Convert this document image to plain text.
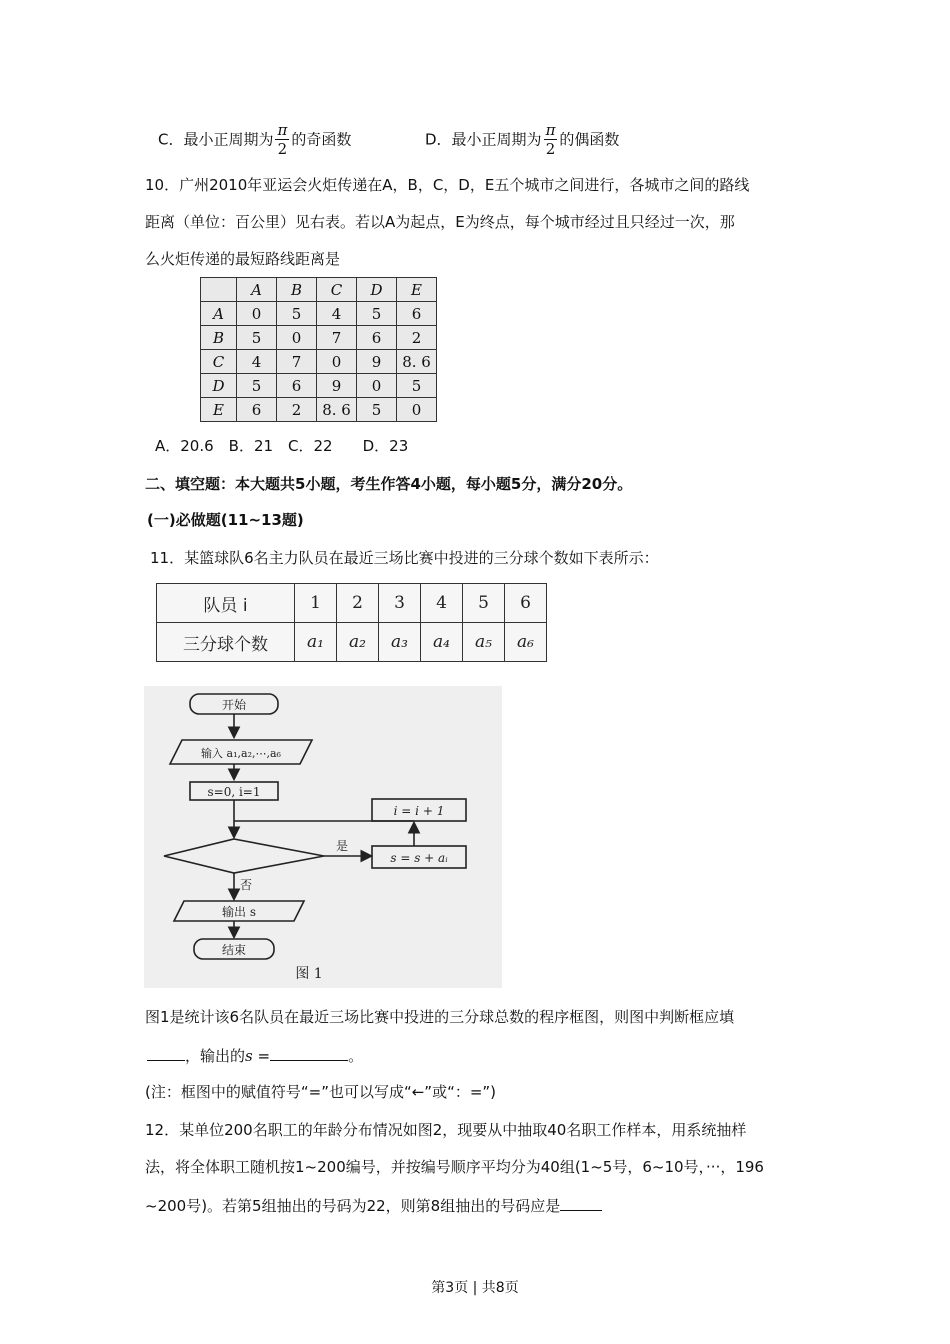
C．最小正周期为 $\frac{\pi}{2}$ 的奇函数	D．最小正周期为 $\frac{\pi}{2}$ 的偶函数
10．广州2010年亚运会火炬传递在A，B，C，D，E五个城市之间进行，各城市之间的路线
距离（单位：百公里）见右表。若以A为起点，E为终点，每个城市经过且只经过一次，那
么火炬传递的最短路线距离是
	A	B	C	D	E
A	0	5	4	5	6
B	5	0	7	6	2
C	4	7	0	9	8. 6
D	5	6	9	0	5
E	6	2	8. 6	5	0
A．20.6　B．21　C．22　　D．23
二、填空题：本大题共5小题，考生作答4小题，每小题5分，满分20分。
(一)必做题(11~13题)
11．某篮球队6名主力队员在最近三场比赛中投进的三分球个数如下表所示：
队员 i	1	2	3	4	5	6
三分球个数	a₁	a₂	a₃	a₄	a₅	a₆
开始
输入 a₁,a₂,⋯,a₆
s=0, i=1
i = i + 1
是
s = s + aᵢ
否
输出 s
结束
图 1
图1是统计该6名队员在最近三场比赛中投进的三分球总数的程序框图，则图中判断框应填
，输出的s =	。
(注：框图中的赋值符号“=”也可以写成“←”或“：=”)
12．某单位200名职工的年龄分布情况如图2，现要从中抽取40名职工作样本，用系统抽样
法，将全体职工随机按1~200编号，并按编号顺序平均分为40组(1~5号，6~10号，···，196
~200号)。若第5组抽出的号码为22，则第8组抽出的号码应是
第3页 | 共8页
